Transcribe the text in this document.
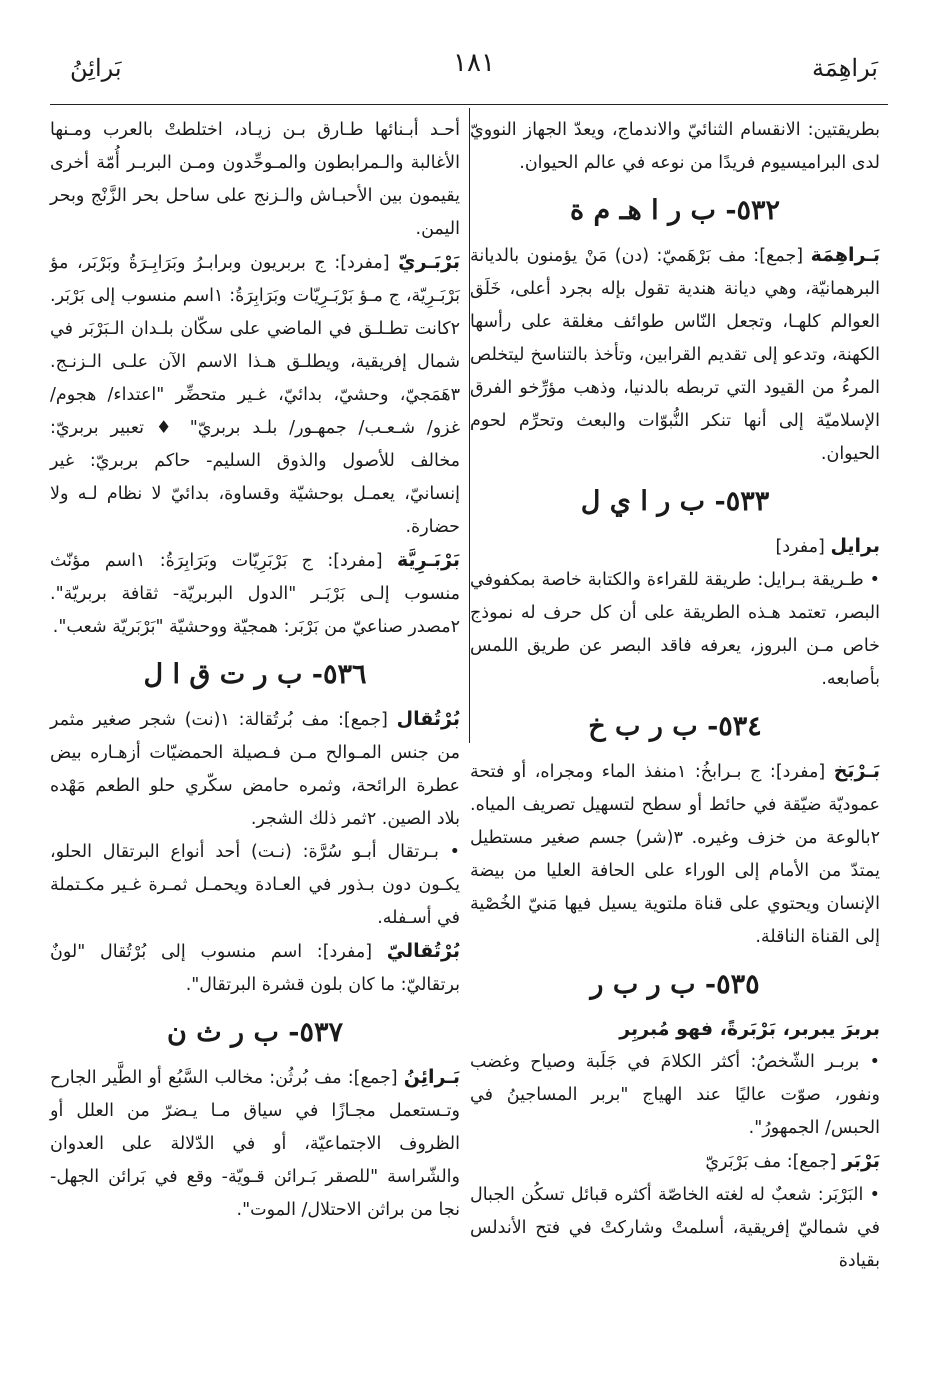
بَراهِمَة
١٨١
بَرائِنُ

بطريقتين: الانقسام الثنائيّ والاندماج، ويعدّ الجهاز النوويّ لدى البراميسيوم فريدًا من نوعه في عالم الحيوان.

٥٣٢- ب ر ا هـ م ة

بَـراهِمَة [جمع]: مف بَرْهَميّ: (دن) مَنْ يؤمنون بالديانة البرهمانيّة، وهي ديانة هندية تقول بإله بجرد أعلى، خَلَق العوالم كلهـا، وتجعل النّاس طوائف مغلقة على رأسها الكهنة، وتدعو إلى تقديم القرابين، وتأخذ بالتناسخ ليتخلص المرءُ من القيود التي تربطه بالدنيا، وذهب مؤرِّخو الفرق الإسلاميّة إلى أنها تنكر النُّبوّات والبعث وتحرِّم لحوم الحيوان.

٥٣٣- ب ر ا ي ل

برايل [مفرد]

• طـريقة بـرايل: طريقة للقراءة والكتابة خاصة بمكفوفي البصر، تعتمد هـذه الطريقة على أن كل حرف له نموذج خاص مـن البروز، يعرفه فاقد البصر عن طريق اللمس بأصابعه.

٥٣٤- ب ر ب خ

بَـرْبَخ [مفرد]: ج بـرابخُ: ١منفذ الماء ومجراه، أو فتحة عموديّة ضيّقة في حائط أو سطح لتسهيل تصريف المياه. ٢بالوعة من خزف وغيره. ٣(شر) جسم صغير مستطيل يمتدّ من الأمام إلى الوراء على الحافة العليا من بيضة الإنسان ويحتوي على قناة ملتوية يسيل فيها مَنيّ الخُصْية إلى القناة الناقلة.

٥٣٥- ب ر ب ر

بربرَ يبربر، بَرْبَرةً، فهو مُبربِر

• بربـر الشّخصُ: أكثر الكلامَ في جَلَبة وصياح وغضب ونفور، صوّت عاليًا عند الهياج "بربر المساجينُ في الحبس/ الجمهورُ".

بَرْبَر [جمع]: مف بَرْبَريّ

• البَرْبَر: شعبٌ له لغته الخاصّة أكثره قبائل تسكُن الجبال في شماليّ إفريقية، أسلمتْ وشاركتْ في فتح الأندلس بقيادة

أحـد أبـنائها طـارق بـن زيـاد، اختلطتْ بالعرب ومـنها الأغالبة والـمرابطون والمـوحِّدون ومـن البربـر أُمّة أخرى يقيمون بين الأحبـاش والـزنج على ساحل بحر الزَّنْج وبحر اليمن.

بَرْبَـريّ [مفرد]: ج بربريون وبرابـرُ وبَرَابِـرَةُ وبَرْبَر، مؤ بَرْبَـرِيّة، ج مـؤ بَرْبَـرِيّات وبَرَابِرَةُ: ١اسم منسوب إلى بَرْبَر. ٢كانت تطـلـق في الماضي على سكّان بلـدان الـبَرْبَر في شمال إفريقية، ويطلـق هـذا الاسم الآن علـى الـزنـج. ٣هَمَجيّ، وحشيّ، بدائيّ، غـير متحضِّر "اعتداء/ هجوم/ غزو/ شـعـب/ جمهـور/ بلـد بربريّ" ♦ تعبير بربريّ: مخالف للأصول والذوق السليم- حاكم بربريّ: غير إنسانيّ، يعمـل بوحشيّة وقساوة، بدائيّ لا نظام لـه ولا حضارة.

بَرْبَـرِيَّة [مفرد]: ج بَرْبَرِيّات وبَرَابِرَةُ: ١اسم مؤنّث منسوب إلـى بَرْبَـر "الدول البربريّة- ثقافة بربريّة". ٢مصدر صناعيّ من بَرْبَر: همجيّة ووحشيّة "بَرْبَريّة شعب".

٥٣٦- ب ر ت ق ا ل

بُرْتُقال [جمع]: مف بُرتُقالة: ١(نت) شجر صغير مثمر من جنس المـوالح مـن فـصيلة الحمضيّات أزهـاره بيض عطرة الرائحة، وثمره حامض سكّري حلو الطعم مَهْده بلاد الصين. ٢ثمر ذلك الشجر.

• بـرتقال أبـو سُرَّة: (نـت) أحد أنواع البرتقال الحلو، يكـون دون بـذور في العـادة ويحمـل ثمـرة غـير مكـتملة في أسـفله.

بُرْتُقاليّ [مفرد]: اسم منسوب إلى بُرْتُقال "لونٌ برتقاليّ: ما كان بلون قشرة البرتقال".

٥٣٧- ب ر ث ن

بَـرائِنُ [جمع]: مف بُرثُن: مخالب السَّبُع أو الطَّير الجارح وتـستعمل مجـازًا في سياق مـا يـضرّ من العلل أو الظروف الاجتماعيّة، أو في الدّلالة على العدوان والشّراسة "للصقر بَـرائن قـويّة- وقع في بَرائن الجهل- نجا من براثن الاحتلال/ الموت".
